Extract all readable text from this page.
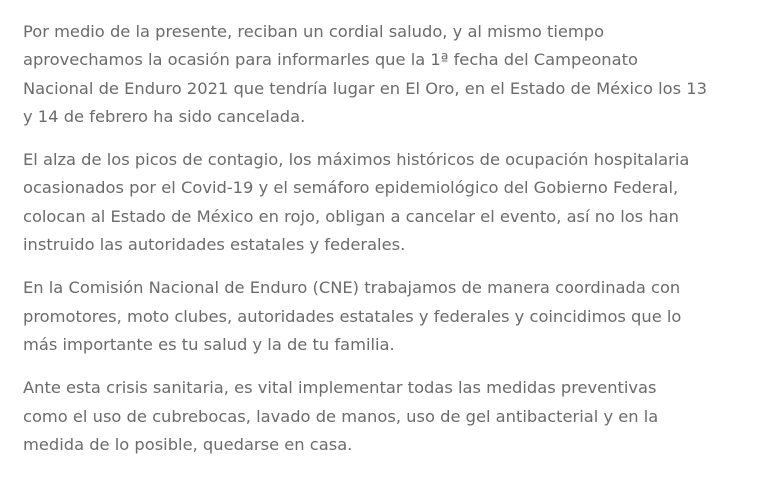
Por medio de la presente, reciban un cordial saludo, y al mismo tiempo
aprovechamos la ocasión para informarles que la 1ª fecha del Campeonato
Nacional de Enduro 2021 que tendría lugar en El Oro, en el Estado de México los 13
y 14 de febrero ha sido cancelada.

El alza de los picos de contagio, los máximos históricos de ocupación hospitalaria
ocasionados por el Covid-19 y el semáforo epidemiológico del Gobierno Federal,
colocan al Estado de México en rojo, obligan a cancelar el evento, así no los han
instruido las autoridades estatales y federales.

En la Comisión Nacional de Enduro (CNE) trabajamos de manera coordinada con
promotores, moto clubes, autoridades estatales y federales y coincidimos que lo
más importante es tu salud y la de tu familia.

Ante esta crisis sanitaria, es vital implementar todas las medidas preventivas
como el uso de cubrebocas, lavado de manos, uso de gel antibacterial y en la
medida de lo posible, quedarse en casa.
